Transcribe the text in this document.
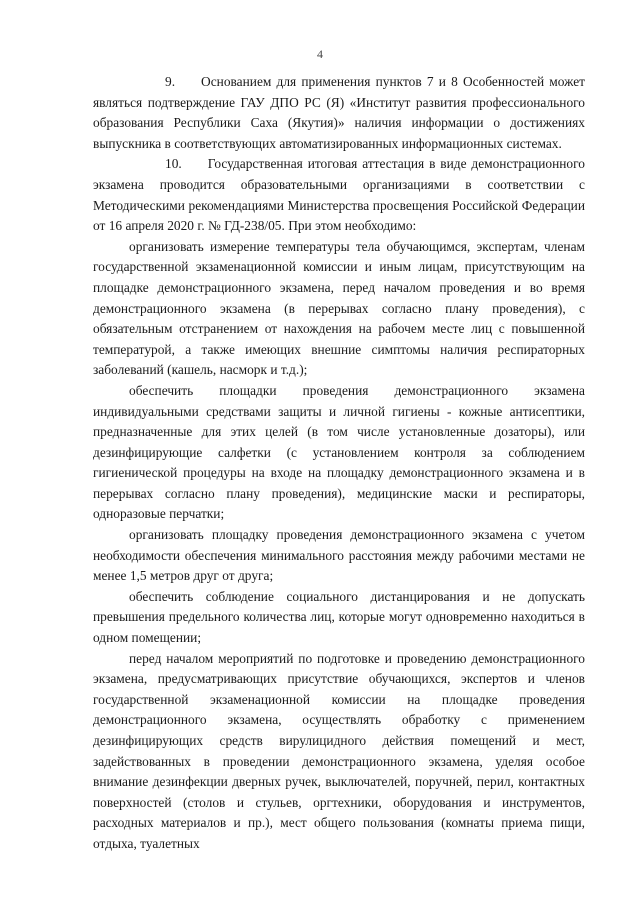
4

9. Основанием для применения пунктов 7 и 8 Особенностей может являться подтверждение ГАУ ДПО РС (Я) «Институт развития профессионального образования Республики Саха (Якутия)» наличия информации о достижениях выпускника в соответствующих автоматизированных информационных системах.

10. Государственная итоговая аттестация в виде демонстрационного экзамена проводится образовательными организациями в соответствии с Методическими рекомендациями Министерства просвещения Российской Федерации от 16 апреля 2020 г. № ГД-238/05. При этом необходимо:

организовать измерение температуры тела обучающимся, экспертам, членам государственной экзаменационной комиссии и иным лицам, присутствующим на площадке демонстрационного экзамена, перед началом проведения и во время демонстрационного экзамена (в перерывах согласно плану проведения), с обязательным отстранением от нахождения на рабочем месте лиц с повышенной температурой, а также имеющих внешние симптомы наличия респираторных заболеваний (кашель, насморк и т.д.);

обеспечить площадки проведения демонстрационного экзамена индивидуальными средствами защиты и личной гигиены - кожные антисептики, предназначенные для этих целей (в том числе установленные дозаторы), или дезинфицирующие салфетки (с установлением контроля за соблюдением гигиенической процедуры на входе на площадку демонстрационного экзамена и в перерывах согласно плану проведения), медицинские маски и респираторы, одноразовые перчатки;

организовать площадку проведения демонстрационного экзамена с учетом необходимости обеспечения минимального расстояния между рабочими местами не менее 1,5 метров друг от друга;

обеспечить соблюдение социального дистанцирования и не допускать превышения предельного количества лиц, которые могут одновременно находиться в одном помещении;

перед началом мероприятий по подготовке и проведению демонстрационного экзамена, предусматривающих присутствие обучающихся, экспертов и членов государственной экзаменационной комиссии на площадке проведения демонстрационного экзамена, осуществлять обработку с применением дезинфицирующих средств вирулицидного действия помещений и мест, задействованных в проведении демонстрационного экзамена, уделяя особое внимание дезинфекции дверных ручек, выключателей, поручней, перил, контактных поверхностей (столов и стульев, оргтехники, оборудования и инструментов, расходных материалов и пр.), мест общего пользования (комнаты приема пищи, отдыха, туалетных
